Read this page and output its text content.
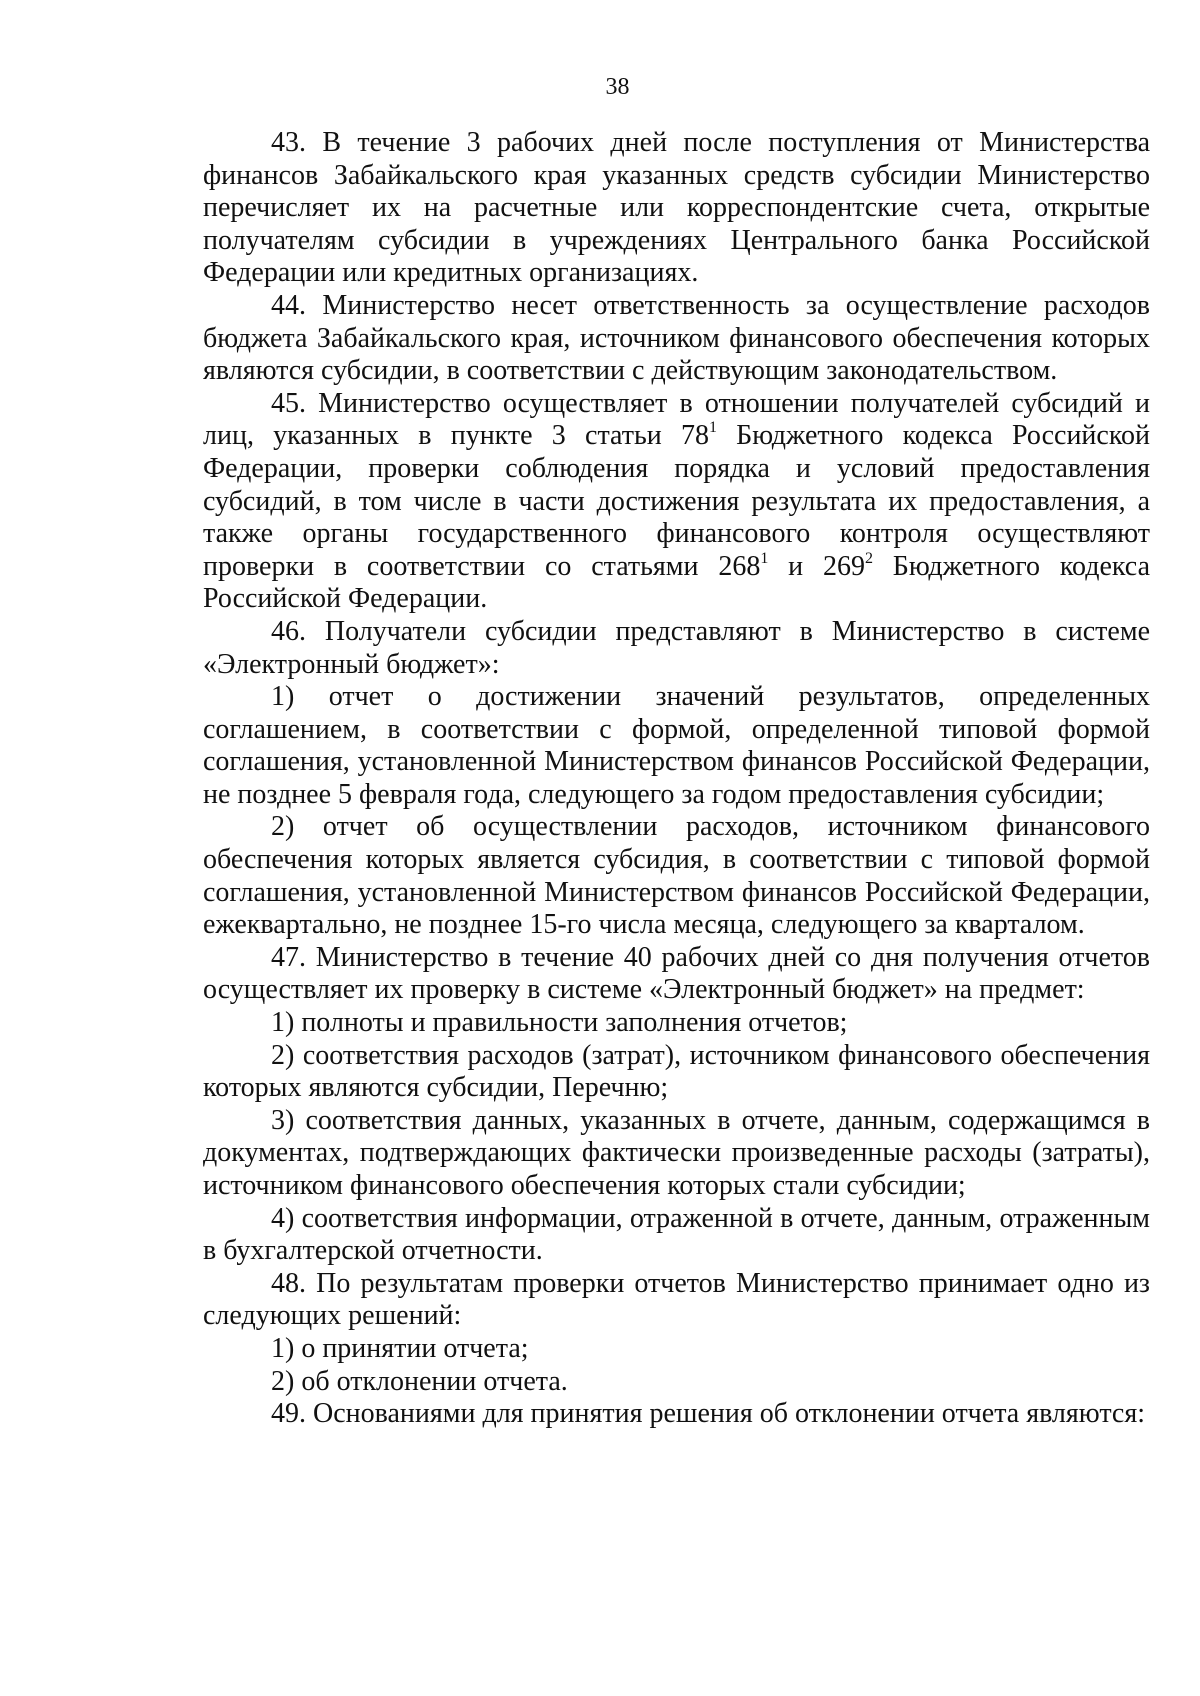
38

43. В течение 3 рабочих дней после поступления от Министерства финансов Забайкальского края указанных средств субсидии Министерство перечисляет их на расчетные или корреспондентские счета, открытые получателям субсидии в учреждениях Центрального банка Российской Федерации или кредитных организациях.

44. Министерство несет ответственность за осуществление расходов бюджета Забайкальского края, источником финансового обеспечения которых являются субсидии, в соответствии с действующим законодательством.

45. Министерство осуществляет в отношении получателей субсидий и лиц, указанных в пункте 3 статьи $78^1$ Бюджетного кодекса Российской Федерации, проверки соблюдения порядка и условий предоставления субсидий, в том числе в части достижения результата их предоставления, а также органы государственного финансового контроля осуществляют проверки в соответствии со статьями $268^1$ и $269^2$ Бюджетного кодекса Российской Федерации.

46. Получатели субсидии представляют в Министерство в системе «Электронный бюджет»:

1) отчет о достижении значений результатов, определенных соглашением, в соответствии с формой, определенной типовой формой соглашения, установленной Министерством финансов Российской Федерации, не позднее 5 февраля года, следующего за годом предоставления субсидии;

2) отчет об осуществлении расходов, источником финансового обеспечения которых является субсидия, в соответствии с типовой формой соглашения, установленной Министерством финансов Российской Федерации, ежеквартально, не позднее 15-го числа месяца, следующего за кварталом.

47. Министерство в течение 40 рабочих дней со дня получения отчетов осуществляет их проверку в системе «Электронный бюджет» на предмет:

1) полноты и правильности заполнения отчетов;

2) соответствия расходов (затрат), источником финансового обеспечения которых являются субсидии, Перечню;

3) соответствия данных, указанных в отчете, данным, содержащимся в документах, подтверждающих фактически произведенные расходы (затраты), источником финансового обеспечения которых стали субсидии;

4) соответствия информации, отраженной в отчете, данным, отраженным в бухгалтерской отчетности.

48. По результатам проверки отчетов Министерство принимает одно из следующих решений:

1) о принятии отчета;

2) об отклонении отчета.

49. Основаниями для принятия решения об отклонении отчета являются:
